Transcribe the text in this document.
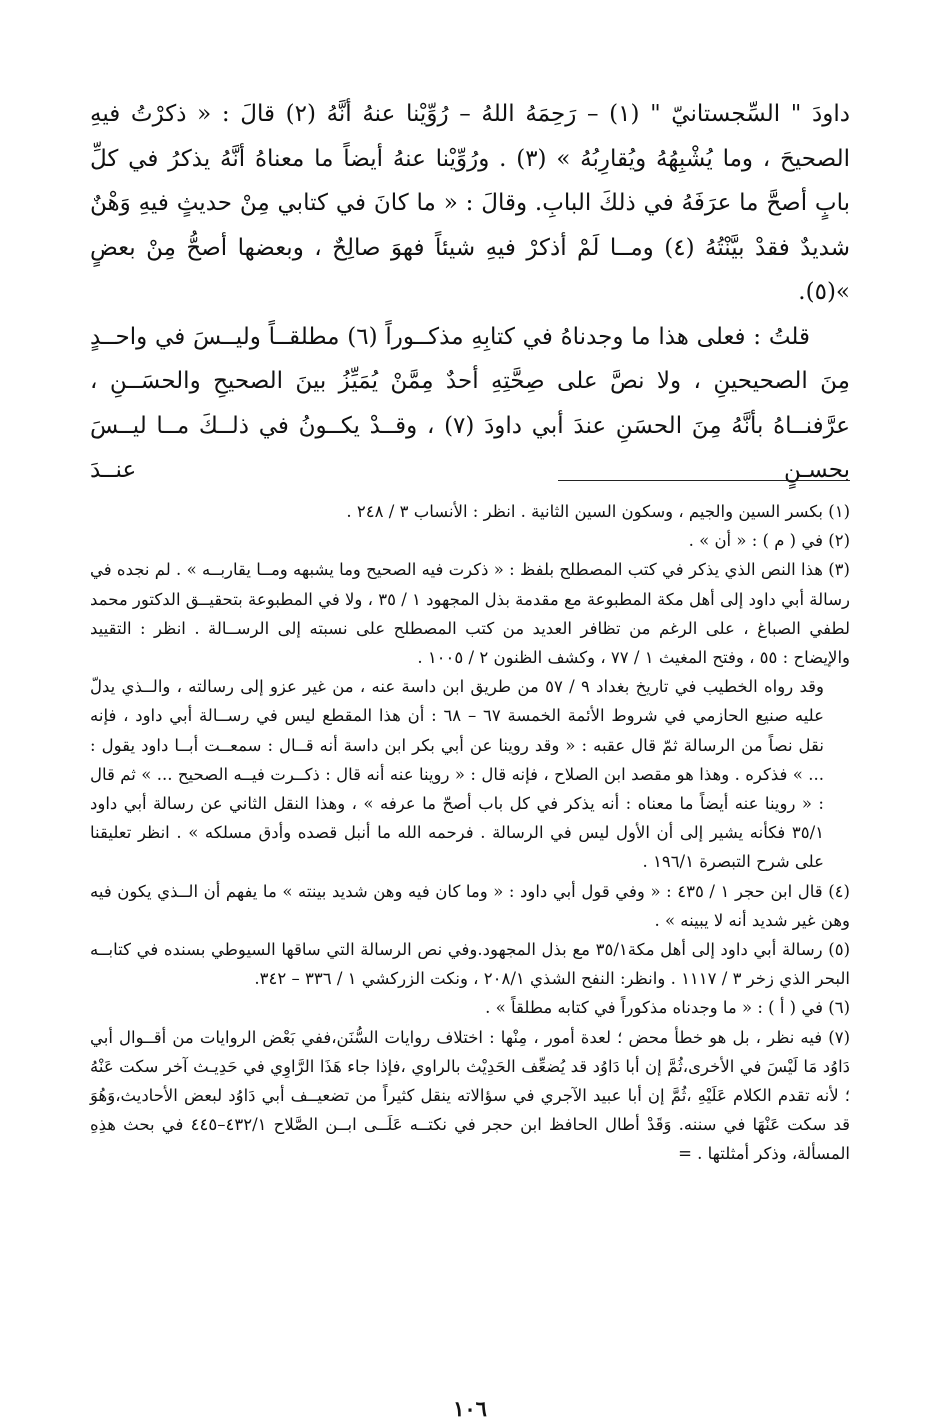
داودَ " السِّجستانيّ " (١) – رَحِمَهُ اللهُ – رُوِّيْنا عنهُ أنَّهُ (٢) قالَ : « ذكرْتُ فيهِ الصحيحَ ، وما يُشْبِهُهُ ويُقارِبُهُ » (٣) . ورُوِّيْنا عنهُ أيضاً ما معناهُ أنَّهُ يذكرُ في كلِّ بابٍ أصحَّ ما عرَفَهُ في ذلكَ البابِ. وقالَ : « ما كانَ في كتابي مِنْ حديثٍ فيهِ وَهْنٌ شديدٌ فقدْ بيَّنْتُهُ (٤) ومــا لَمْ أذكرْ فيهِ شيئاً فهوَ صالِحٌ ، وبعضها أصحُّ مِنْ بعضٍ »(٥).

قلتُ : فعلى هذا ما وجدناهُ في كتابِهِ مذكــوراً (٦) مطلقــاً وليــسَ في واحــدٍ مِنَ الصحيحينِ ، ولا نصَّ على صِحَّتِهِ أحدٌ مِمَّنْ يُمَيِّزُ بينَ الصحيحِ والحسَــنِ ، عرَّفنــاهُ بأنَّهُ مِنَ الحسَنِ عندَ أبي داودَ (٧) ، وقــدْ يكــونُ في ذلــكَ مــا ليــسَ بحسـنٍ عنــدَ

(١) بكسر السين والجيم ، وسكون السين الثانية . انظر : الأنساب ٣ / ٢٤٨ .
(٢) في ( م ) : « أن » .
(٣) هذا النص الذي يذكر في كتب المصطلح بلفظ : « ذكرت فيه الصحيح وما يشبهه ومــا يقاربــه » . لم نجده في رسالة أبي داود إلى أهل مكة المطبوعة مع مقدمة بذل المجهود ١ / ٣٥ ، ولا في المطبوعة بتحقيــق الدكتور محمد لطفي الصباغ ، على الرغم من تظافر العديد من كتب المصطلح على نسبته إلى الرســالة . انظر : التقييد والإيضاح : ٥٥ ، وفتح المغيث ١ / ٧٧ ، وكشف الظنون ٢ / ١٠٠٥ .
وقد رواه الخطيب في تاريخ بغداد ٩ / ٥٧ من طريق ابن داسة عنه ، من غير عزو إلى رسالته ، والــذي يدلّ عليه صنيع الحازمي في شروط الأئمة الخمسة ٦٧ – ٦٨ : أن هذا المقطع ليس في رســالة أبي داود ، فإنه نقل نصاً من الرسالة ثمّ قال عقبه : « وقد روينا عن أبي بكر ابن داسة أنه قــال : سمعــت أبــا داود يقول : ... » فذكره . وهذا هو مقصد ابن الصلاح ، فإنه قال : « روينا عنه أنه قال : ذكــرت فيــه الصحيح ... » ثم قال : « روينا عنه أيضاً ما معناه : أنه يذكر في كل باب أصحّ ما عرفه » ، وهذا النقل الثاني عن رسالة أبي داود ٣٥/١ فكأنه يشير إلى أن الأول ليس في الرسالة . فرحمه الله ما أنبل قصده وأدق مسلكه » . انظر تعليقنا على شرح التبصرة ١٩٦/١ .
(٤) قال ابن حجر ١ / ٤٣٥ : « وفي قول أبي داود : « وما كان فيه وهن شديد بينته » ما يفهم أن الــذي يكون فيه وهن غير شديد أنه لا يبينه » .
(٥) رسالة أبي داود إلى أهل مكة٣٥/١ مع بذل المجهود.وفي نص الرسالة التي ساقها السيوطي بسنده في كتابــه البحر الذي زخر ٣ / ١١١٧ . وانظر: النفح الشذي ٢٠٨/١ ، ونكت الزركشي ١ / ٣٣٦ – ٣٤٢.
(٦) في ( أ ) : « ما وجدناه مذكوراً في كتابه مطلقاً » .
(٧) فيه نظر ، بل هو خطأ محض ؛ لعدة أمور ، مِنْها : اختلاف روايات السُّنَن،ففي بَعْض الروايات من أقــوال أبي دَاوُد مَا لَيْسَ في الأخرى،ثُمَّ إن أبا دَاوُد قد يُضعِّف الحَدِيْث بالراوي ،فإذا جاء هَذَا الرَّاوِي في حَدِيـث آخر سكت عَنْهُ ؛ لأنه تقدم الكلام عَلَيْهِ ،ثُمَّ إن أبا عبيد الآجري في سؤالاته ينقل كثيراً من تضعيــف أبي دَاوُد لبعض الأحاديث،وَهُوَ قد سكت عَنْهَا في سننه. وَقَدْ أطال الحافظ ابن حجر في نكتــه عَلَــى ابــن الصَّلاح ٤٣٢/١–٤٤٥ في بحث هذِهِ المسألة، وذكر أمثلتها . =
١٠٦
